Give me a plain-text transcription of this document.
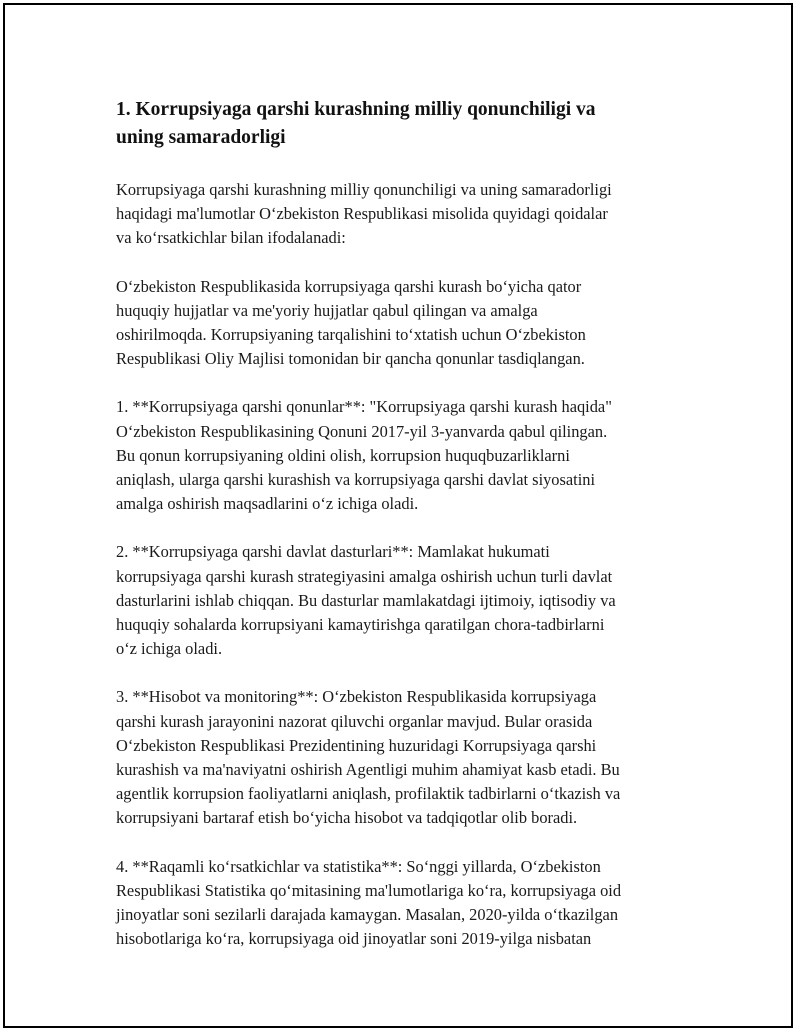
1. Korrupsiyaga qarshi kurashning milliy qonunchiligi va
uning samaradorligi

Korrupsiyaga qarshi kurashning milliy qonunchiligi va uning samaradorligi
haqidagi ma'lumotlar O‘zbekiston Respublikasi misolida quyidagi qoidalar
va ko‘rsatkichlar bilan ifodalanadi:

O‘zbekiston Respublikasida korrupsiyaga qarshi kurash bo‘yicha qator
huquqiy hujjatlar va me'yoriy hujjatlar qabul qilingan va amalga
oshirilmoqda. Korrupsiyaning tarqalishini to‘xtatish uchun O‘zbekiston
Respublikasi Oliy Majlisi tomonidan bir qancha qonunlar tasdiqlangan.

1. **Korrupsiyaga qarshi qonunlar**: "Korrupsiyaga qarshi kurash haqida"
O‘zbekiston Respublikasining Qonuni 2017-yil 3-yanvarda qabul qilingan.
Bu qonun korrupsiyaning oldini olish, korrupsion huquqbuzarliklarni
aniqlash, ularga qarshi kurashish va korrupsiyaga qarshi davlat siyosatini
amalga oshirish maqsadlarini o‘z ichiga oladi.

2. **Korrupsiyaga qarshi davlat dasturlari**: Mamlakat hukumati
korrupsiyaga qarshi kurash strategiyasini amalga oshirish uchun turli davlat
dasturlarini ishlab chiqqan. Bu dasturlar mamlakatdagi ijtimoiy, iqtisodiy va
huquqiy sohalarda korrupsiyani kamaytirishga qaratilgan chora-tadbirlarni
o‘z ichiga oladi.

3. **Hisobot va monitoring**: O‘zbekiston Respublikasida korrupsiyaga
qarshi kurash jarayonini nazorat qiluvchi organlar mavjud. Bular orasida
O‘zbekiston Respublikasi Prezidentining huzuridagi Korrupsiyaga qarshi
kurashish va ma'naviyatni oshirish Agentligi muhim ahamiyat kasb etadi. Bu
agentlik korrupsion faoliyatlarni aniqlash, profilaktik tadbirlarni o‘tkazish va
korrupsiyani bartaraf etish bo‘yicha hisobot va tadqiqotlar olib boradi.

4. **Raqamli ko‘rsatkichlar va statistika**: So‘nggi yillarda, O‘zbekiston
Respublikasi Statistika qo‘mitasining ma'lumotlariga ko‘ra, korrupsiyaga oid
jinoyatlar soni sezilarli darajada kamaygan. Masalan, 2020-yilda o‘tkazilgan
hisobotlariga ko‘ra, korrupsiyaga oid jinoyatlar soni 2019-yilga nisbatan
